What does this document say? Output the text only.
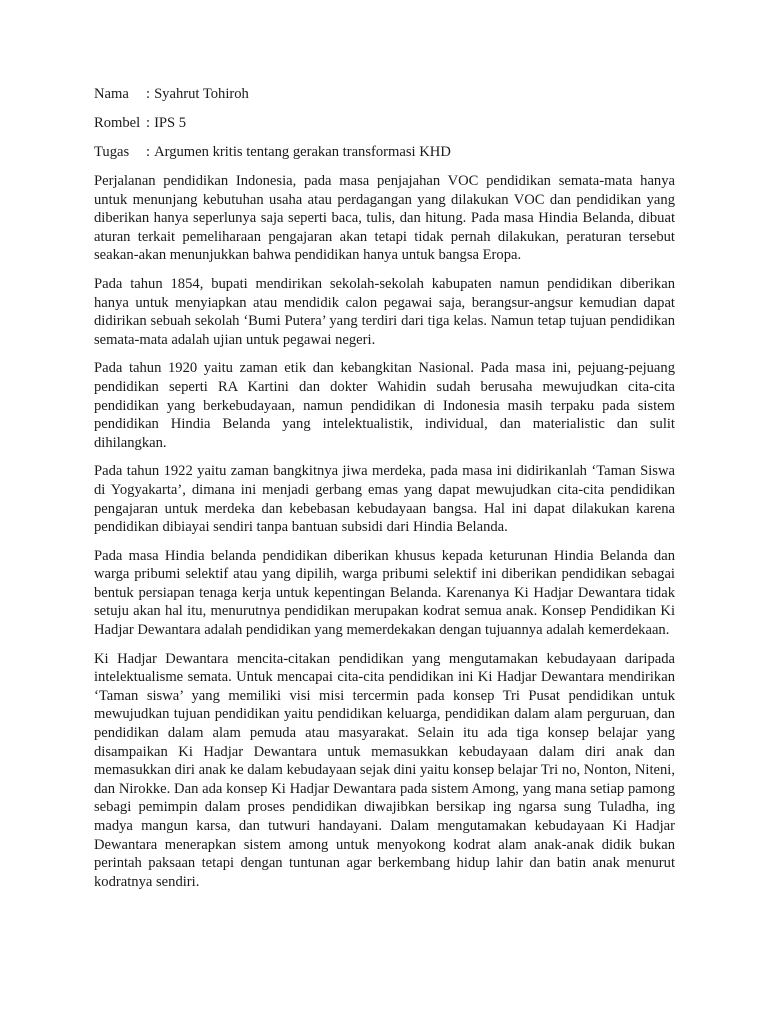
Nama	: Syahrut Tohiroh
Rombel : IPS 5
Tugas	: Argumen kritis tentang gerakan transformasi KHD

Perjalanan pendidikan Indonesia, pada masa penjajahan VOC pendidikan semata-mata hanya untuk menunjang kebutuhan usaha atau perdagangan yang dilakukan VOC dan pendidikan yang diberikan hanya seperlunya saja seperti baca, tulis, dan hitung. Pada masa Hindia Belanda, dibuat aturan terkait pemeliharaan pengajaran akan tetapi tidak pernah dilakukan, peraturan tersebut seakan-akan menunjukkan bahwa pendidikan hanya untuk bangsa Eropa.

Pada tahun 1854, bupati mendirikan sekolah-sekolah kabupaten namun pendidikan diberikan hanya untuk menyiapkan atau mendidik calon pegawai saja, berangsur-angsur kemudian dapat didirikan sebuah sekolah ‘Bumi Putera’ yang terdiri dari tiga kelas. Namun tetap tujuan pendidikan semata-mata adalah ujian untuk pegawai negeri.

Pada tahun 1920 yaitu zaman etik dan kebangkitan Nasional. Pada masa ini, pejuang-pejuang pendidikan seperti RA Kartini dan dokter Wahidin sudah berusaha mewujudkan cita-cita pendidikan yang berkebudayaan, namun pendidikan di Indonesia masih terpaku pada sistem pendidikan Hindia Belanda yang intelektualistik, individual, dan materialistic dan sulit dihilangkan.

Pada tahun 1922 yaitu zaman bangkitnya jiwa merdeka, pada masa ini didirikanlah ‘Taman Siswa di Yogyakarta’, dimana ini menjadi gerbang emas yang dapat mewujudkan cita-cita pendidikan pengajaran untuk merdeka dan kebebasan kebudayaan bangsa. Hal ini dapat dilakukan karena pendidikan dibiayai sendiri tanpa bantuan subsidi dari Hindia Belanda.

Pada masa Hindia belanda pendidikan diberikan khusus kepada keturunan Hindia Belanda dan warga pribumi selektif atau yang dipilih, warga pribumi selektif ini diberikan pendidikan sebagai bentuk persiapan tenaga kerja untuk kepentingan Belanda. Karenanya Ki Hadjar Dewantara tidak setuju akan hal itu, menurutnya pendidikan merupakan kodrat semua anak. Konsep Pendidikan Ki Hadjar Dewantara adalah pendidikan yang memerdekakan dengan tujuannya adalah kemerdekaan.

Ki Hadjar Dewantara mencita-citakan pendidikan yang mengutamakan kebudayaan daripada intelektualisme semata. Untuk mencapai cita-cita pendidikan ini Ki Hadjar Dewantara mendirikan ‘Taman siswa’ yang memiliki visi misi tercermin pada konsep Tri Pusat pendidikan untuk mewujudkan tujuan pendidikan yaitu pendidikan keluarga, pendidikan dalam alam perguruan, dan pendidikan dalam alam pemuda atau masyarakat. Selain itu ada tiga konsep belajar yang disampaikan Ki Hadjar Dewantara untuk memasukkan kebudayaan dalam diri anak dan memasukkan diri anak ke dalam kebudayaan sejak dini yaitu konsep belajar Tri no, Nonton, Niteni, dan Nirokke. Dan ada konsep Ki Hadjar Dewantara pada sistem Among, yang mana setiap pamong sebagi pemimpin dalam proses pendidikan diwajibkan bersikap ing ngarsa sung Tuladha, ing madya mangun karsa, dan tutwuri handayani. Dalam mengutamakan kebudayaan Ki Hadjar Dewantara menerapkan sistem among untuk menyokong kodrat alam anak-anak didik bukan perintah paksaan tetapi dengan tuntunan agar berkembang hidup lahir dan batin anak menurut kodratnya sendiri.
